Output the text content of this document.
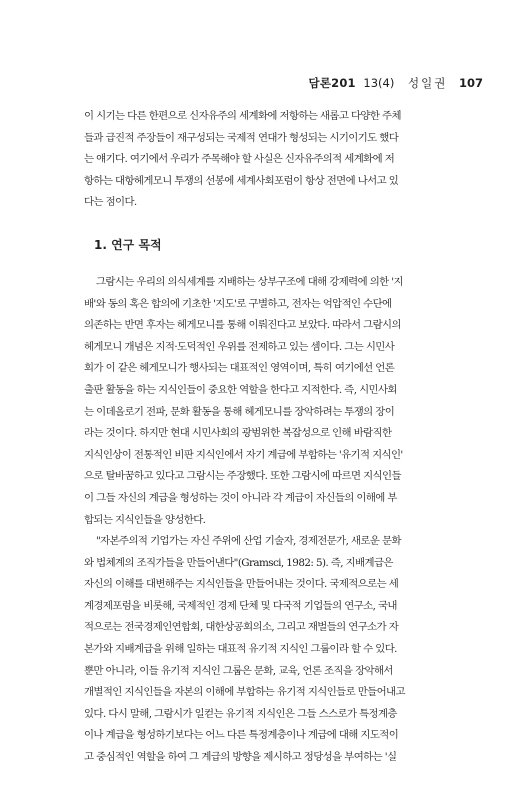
담론201 13(4) 성일권 107
이 시기는 다른 한편으로 신자유주의 세계화에 저항하는 새롭고 다양한 주체
들과 급진적 주장들이 재구성되는 국제적 연대가 형성되는 시기이기도 했다
는 얘기다. 여기에서 우리가 주목해야 할 사실은 신자유주의적 세계화에 저
항하는 대항헤게모니 투쟁의 선봉에 세계사회포럼이 항상 전면에 나서고 있
다는 점이다.
1. 연구 목적
그람시는 우리의 의식세계를 지배하는 상부구조에 대해 강제력에 의한 '지
배'와 동의 혹은 합의에 기초한 '지도'로 구별하고, 전자는 억압적인 수단에
의존하는 반면 후자는 헤게모니를 통해 이뤄진다고 보았다. 따라서 그람시의
헤게모니 개념은 지적·도덕적인 우위를 전제하고 있는 셈이다. 그는 시민사
회가 이 같은 헤게모니가 행사되는 대표적인 영역이며, 특히 여기에선 언론
출판 활동을 하는 지식인들이 중요한 역할을 한다고 지적한다. 즉, 시민사회
는 이데올로기 전파, 문화 활동을 통해 헤게모니를 장악하려는 투쟁의 장이
라는 것이다. 하지만 현대 시민사회의 광범위한 복잡성으로 인해 바람직한
지식인상이 전통적인 비판 지식인에서 자기 계급에 부합하는 '유기적 지식인'
으로 탈바꿈하고 있다고 그람시는 주장했다. 또한 그람시에 따르면 지식인들
이 그들 자신의 계급을 형성하는 것이 아니라 각 계급이 자신들의 이해에 부
합되는 지식인들을 양성한다.
"자본주의적 기업가는 자신 주위에 산업 기술자, 경제전문가, 새로운 문화
와 법체계의 조직가들을 만들어낸다"(Gramsci, 1982: 5). 즉, 지배계급은
자신의 이해를 대변해주는 지식인들을 만들어내는 것이다. 국제적으로는 세
계경제포럼을 비롯해, 국제적인 경제 단체 및 다국적 기업들의 연구소, 국내
적으로는 전국경제인연합회, 대한상공회의소, 그리고 재벌들의 연구소가 자
본가와 지배계급을 위해 일하는 대표적 유기적 지식인 그룹이라 할 수 있다.
뿐만 아니라, 이들 유기적 지식인 그룹은 문화, 교육, 언론 조직을 장악해서
개별적인 지식인들을 자본의 이해에 부합하는 유기적 지식인들로 만들어내고
있다. 다시 말해, 그람시가 일컫는 유기적 지식인은 그들 스스로가 특정계층
이나 계급을 형성하기보다는 어느 다른 특정계층이나 계급에 대해 지도적이
고 중심적인 역할을 하여 그 계급의 방향을 제시하고 정당성을 부여하는 '실
